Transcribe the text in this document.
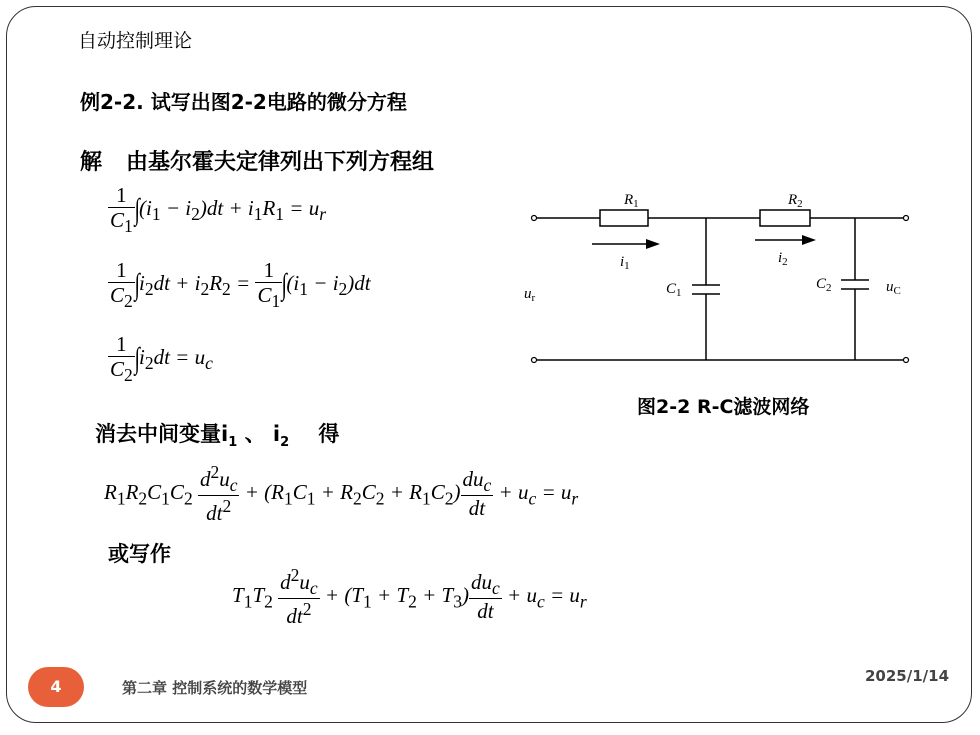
自动控制理论
例2-2. 试写出图2-2电路的微分方程
解 由基尔霍夫定律列出下列方程组
$\frac{1}{C_1} \int(i_1 - i_2)dt + i_1R_1 = u_r$
$\frac{1}{C_2} \int i_2dt + i_2R_2 = \frac{1}{C_1} \int(i_1 - i_2)dt$
$\frac{1}{C_2} \int i_2dt = u_c$
$R_1$	$R_2$
$i_1$	$i_2$
$C_1$
$C_2$
$u_r$
$u_C$
图2-2 R-C滤波网络
消去中间变量$i_1$ 、 $i_2$ 得
$R_1R_2C_1C_2 \frac{d^2u_c}{dt^2} + (R_1C_1 + R_2C_2 + R_1C_2) \frac{du_c}{dt} + u_c = u_r$
或写作
$T_1T_2 \frac{d^2u_c}{dt^2} + (T_1 + T_2 + T_3) \frac{du_c}{dt} + u_c = u_r$
4	第二章 控制系统的数学模型
2025/1/14
